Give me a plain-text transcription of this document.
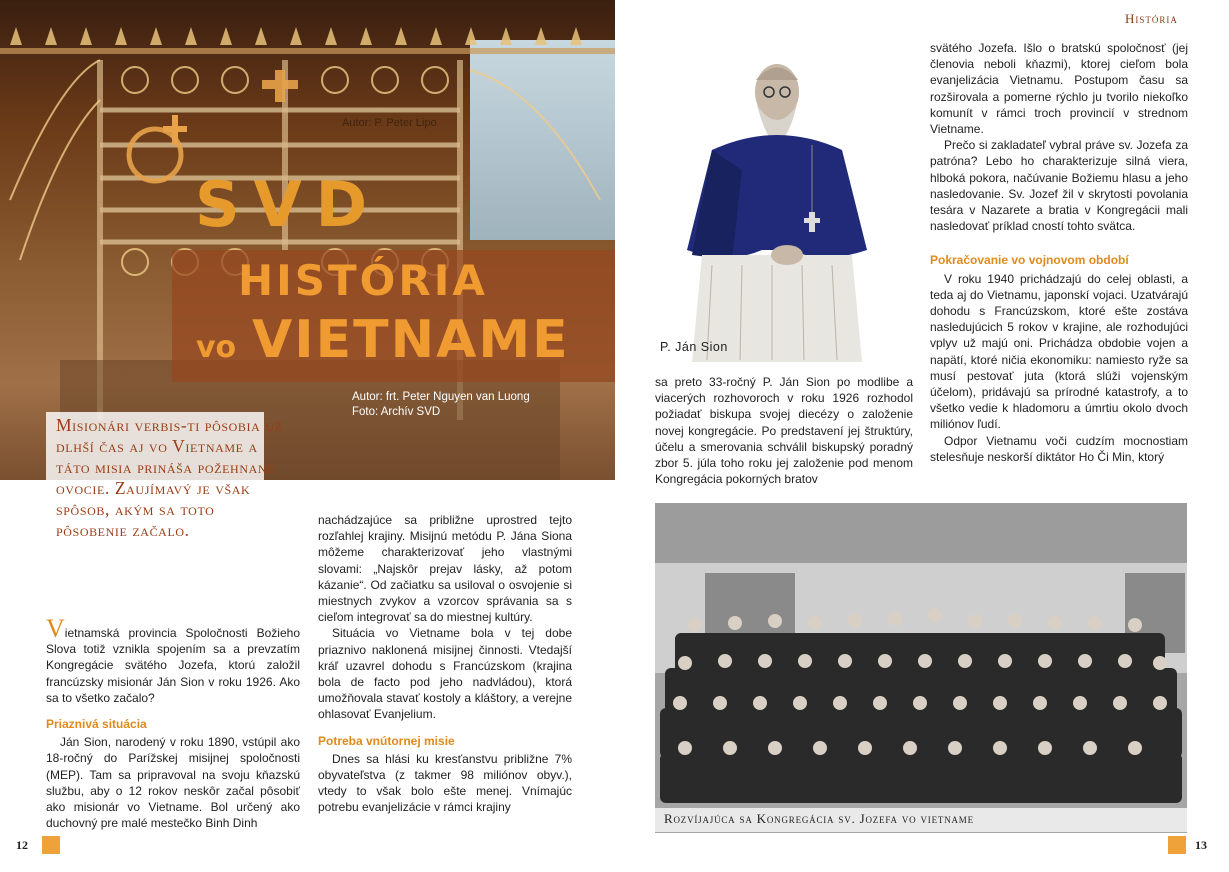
Autor: P. Peter Lipo
SVD
HISTÓRIA
vo VIETNAME
Autor: frt. Peter Nguyen van Luong
Foto: Archív SVD
Misionári verbis-ti pôsobia už dlhší čas aj vo Vietname a táto misia prináša požehnané ovocie. Zaujímavý je však spôsob, akým sa toto pôsobenie začalo.

Vietnamská provincia Spoločnosti Božieho Slova totiž vznikla spojením sa a prevzatím Kongregácie svätého Jozefa, ktorú založil francúzsky misionár Ján Sion v roku 1926. Ako sa to všetko začalo?

Priaznivá situácia

Ján Sion, narodený v roku 1890, vstúpil ako 18-ročný do Parížskej misijnej spoločnosti (MEP). Tam sa pripravoval na svoju kňazskú službu, aby o 12 rokov neskôr začal pôsobiť ako misionár vo Vietname. Bol určený ako duchovný pre malé mestečko Binh Dinh

nachádzajúce sa približne uprostred tejto rozľahlej krajiny. Misijnú metódu P. Jána Siona môžeme charakterizovať jeho vlastnými slovami: „Najskôr prejav lásky, až potom kázanie“. Od začiatku sa usiloval o osvojenie si miestnych zvykov a vzorcov správania sa s cieľom integrovať sa do miestnej kultúry.

Situácia vo Vietname bola v tej dobe priaznivo naklonená misijnej činnosti. Vtedajší kráľ uzavrel dohodu s Francúzskom (krajina bola de facto pod jeho nadvládou), ktorá umožňovala stavať kostoly a kláštory, a verejne ohlasovať Evanjelium.

Potreba vnútornej misie

Dnes sa hlási ku kresťanstvu približne 7% obyvateľstva (z takmer 98 miliónov obyv.), vtedy to však bolo ešte menej. Vnímajúc potrebu evanjelizácie v rámci krajiny

12
História
P. Ján Sion

sa preto 33-ročný P. Ján Sion po modlibe a viacerých rozhovoroch v roku 1926 rozhodol požiadať biskupa svojej diecézy o založenie novej kongregácie. Po predstavení jej štruktúry, účelu a smerovania schválil biskupský poradný zbor 5. júla toho roku jej založenie pod menom Kongregácia pokorných bratov

svätého Jozefa. Išlo o bratskú spoločnosť (jej členovia neboli kňazmi), ktorej cieľom bola evanjelizácia Vietnamu. Postupom času sa rozširovala a pomerne rýchlo ju tvorilo niekoľko komunít v rámci troch provincií v strednom Vietname.

Prečo si zakladateľ vybral práve sv. Jozefa za patróna? Lebo ho charakterizuje silná viera, hlboká pokora, načúvanie Božiemu hlasu a jeho nasledovanie. Sv. Jozef žil v skrytosti povolania tesára v Nazarete a bratia v Kongregácii mali nasledovať príklad cností tohto svätca.

Pokračovanie vo vojnovom období

V roku 1940 prichádzajú do celej oblasti, a teda aj do Vietnamu, japonskí vojaci. Uzatvárajú dohodu s Francúzskom, ktoré ešte zostáva nasledujúcich 5 rokov v krajine, ale rozhodujúci vplyv už majú oni. Prichádza obdobie vojen a napätí, ktoré ničia ekonomiku: namiesto ryže sa musí pestovať juta (ktorá slúži vojenským účelom), pridávajú sa prírodné katastrofy, a to všetko vedie k hladomoru a úmrtiu okolo dvoch miliónov ľudí.

Odpor Vietnamu voči cudzím mocnostiam stelesňuje neskorší diktátor Ho Či Min, ktorý

Rozvíjajúca sa Kongregácia sv. Jozefa vo vietname
13
